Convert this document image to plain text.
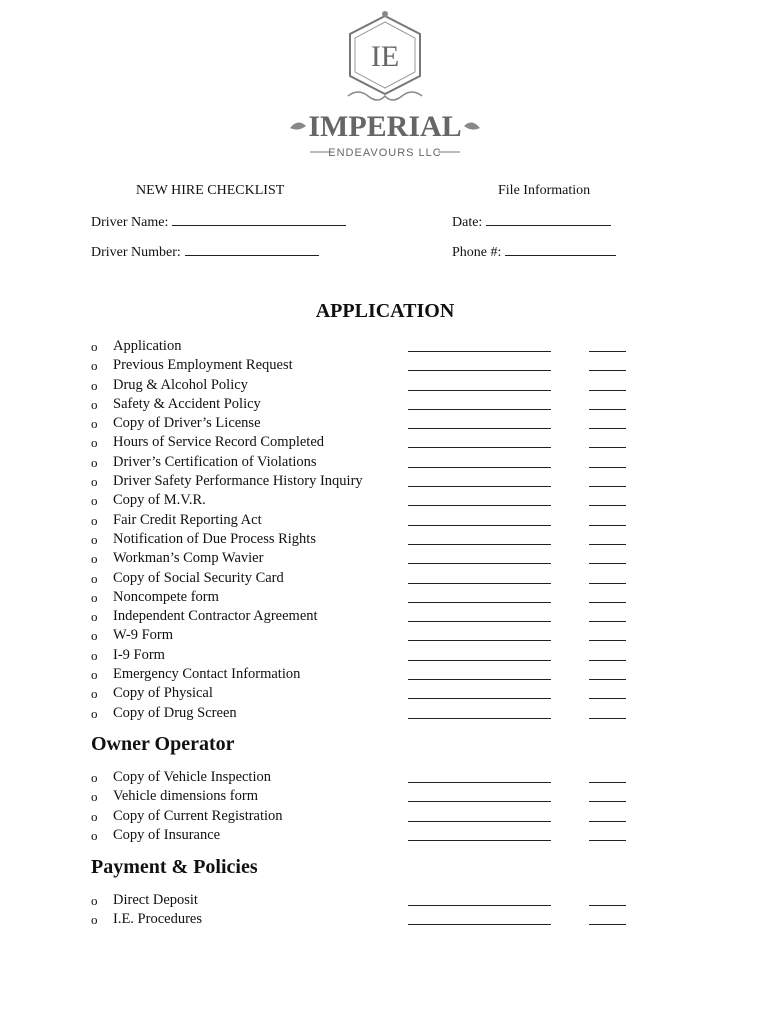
IE
IMPERIAL
ENDEAVOURS LLC
NEW HIRE CHECKLIST	File Information
Driver Name:	Date:
Driver Number:	Phone #:
APPLICATION
o Application
o Previous Employment Request
o Drug & Alcohol Policy
o Safety & Accident Policy
o Copy of Driver’s License
o Hours of Service Record Completed
o Driver’s Certification of Violations
o Driver Safety Performance History Inquiry
o Copy of M.V.R.
o Fair Credit Reporting Act
o Notification of Due Process Rights
o Workman’s Comp Wavier
o Copy of Social Security Card
o Noncompete form
o Independent Contractor Agreement
o W-9 Form
o I-9 Form
o Emergency Contact Information
o Copy of Physical
o Copy of Drug Screen
Owner Operator
o Copy of Vehicle Inspection
o Vehicle dimensions form
o Copy of Current Registration
o Copy of Insurance
Payment & Policies
o Direct Deposit
o I.E. Procedures
